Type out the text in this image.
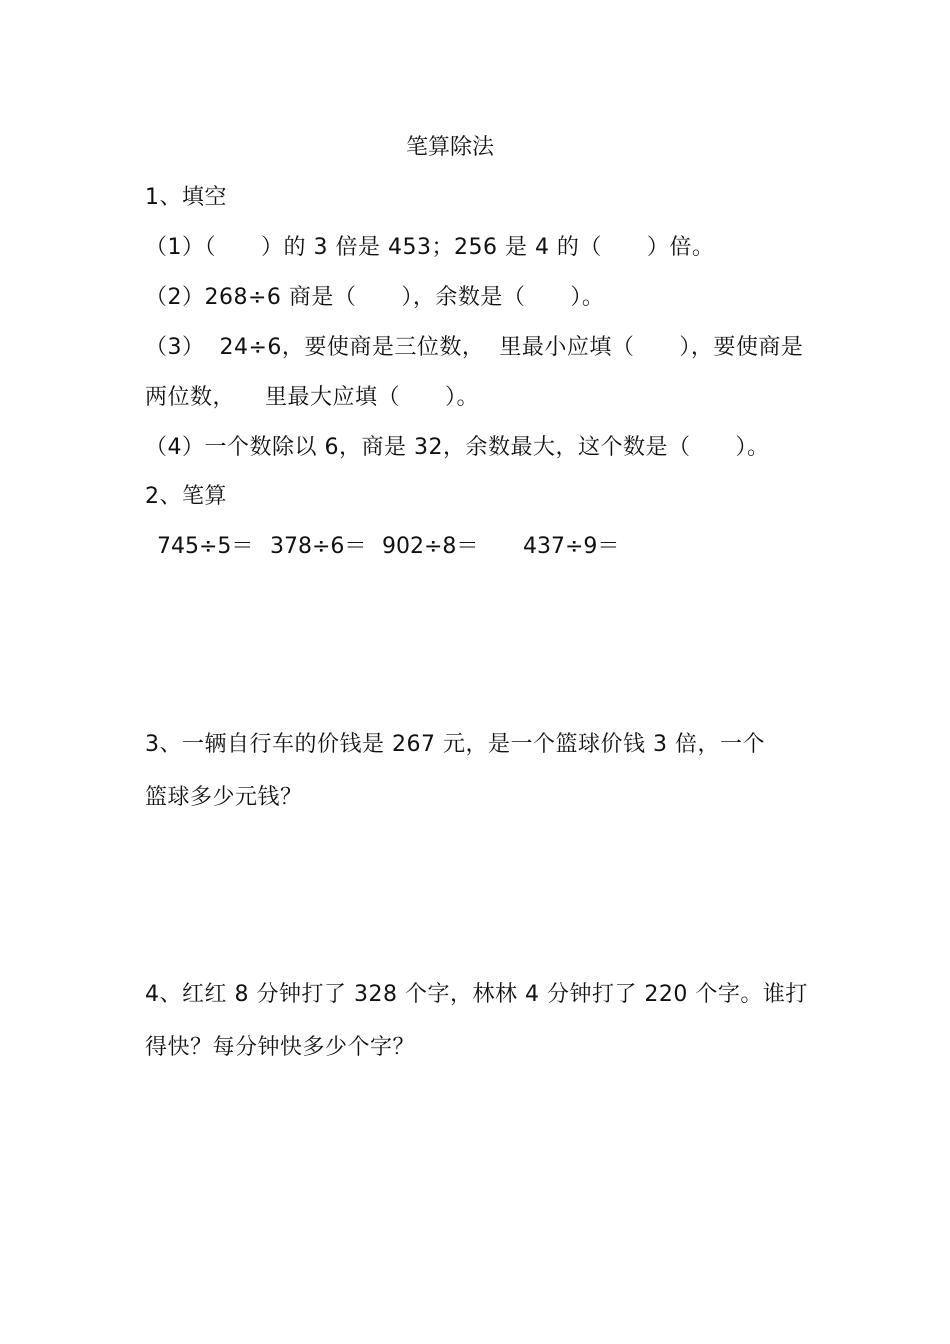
笔算除法
1、填空
（1）（　　）的 3 倍是 453；256 是 4 的（　　）倍。
（2）268÷6 商是（　　），余数是（　　）。
（3）  24÷6，要使商是三位数，  里最小应填（　　），要使商是
两位数，    里最大应填（　　）。
（4）一个数除以 6，商是 32，余数最大，这个数是（　　）。
2、笔算
745÷5＝ 378÷6＝ 902÷8＝ 437÷9＝
3、一辆自行车的价钱是 267 元，是一个篮球价钱 3 倍，一个
篮球多少元钱？
4、红红 8 分钟打了 328 个字，林林 4 分钟打了 220 个字。谁打
得快？每分钟快多少个字？
